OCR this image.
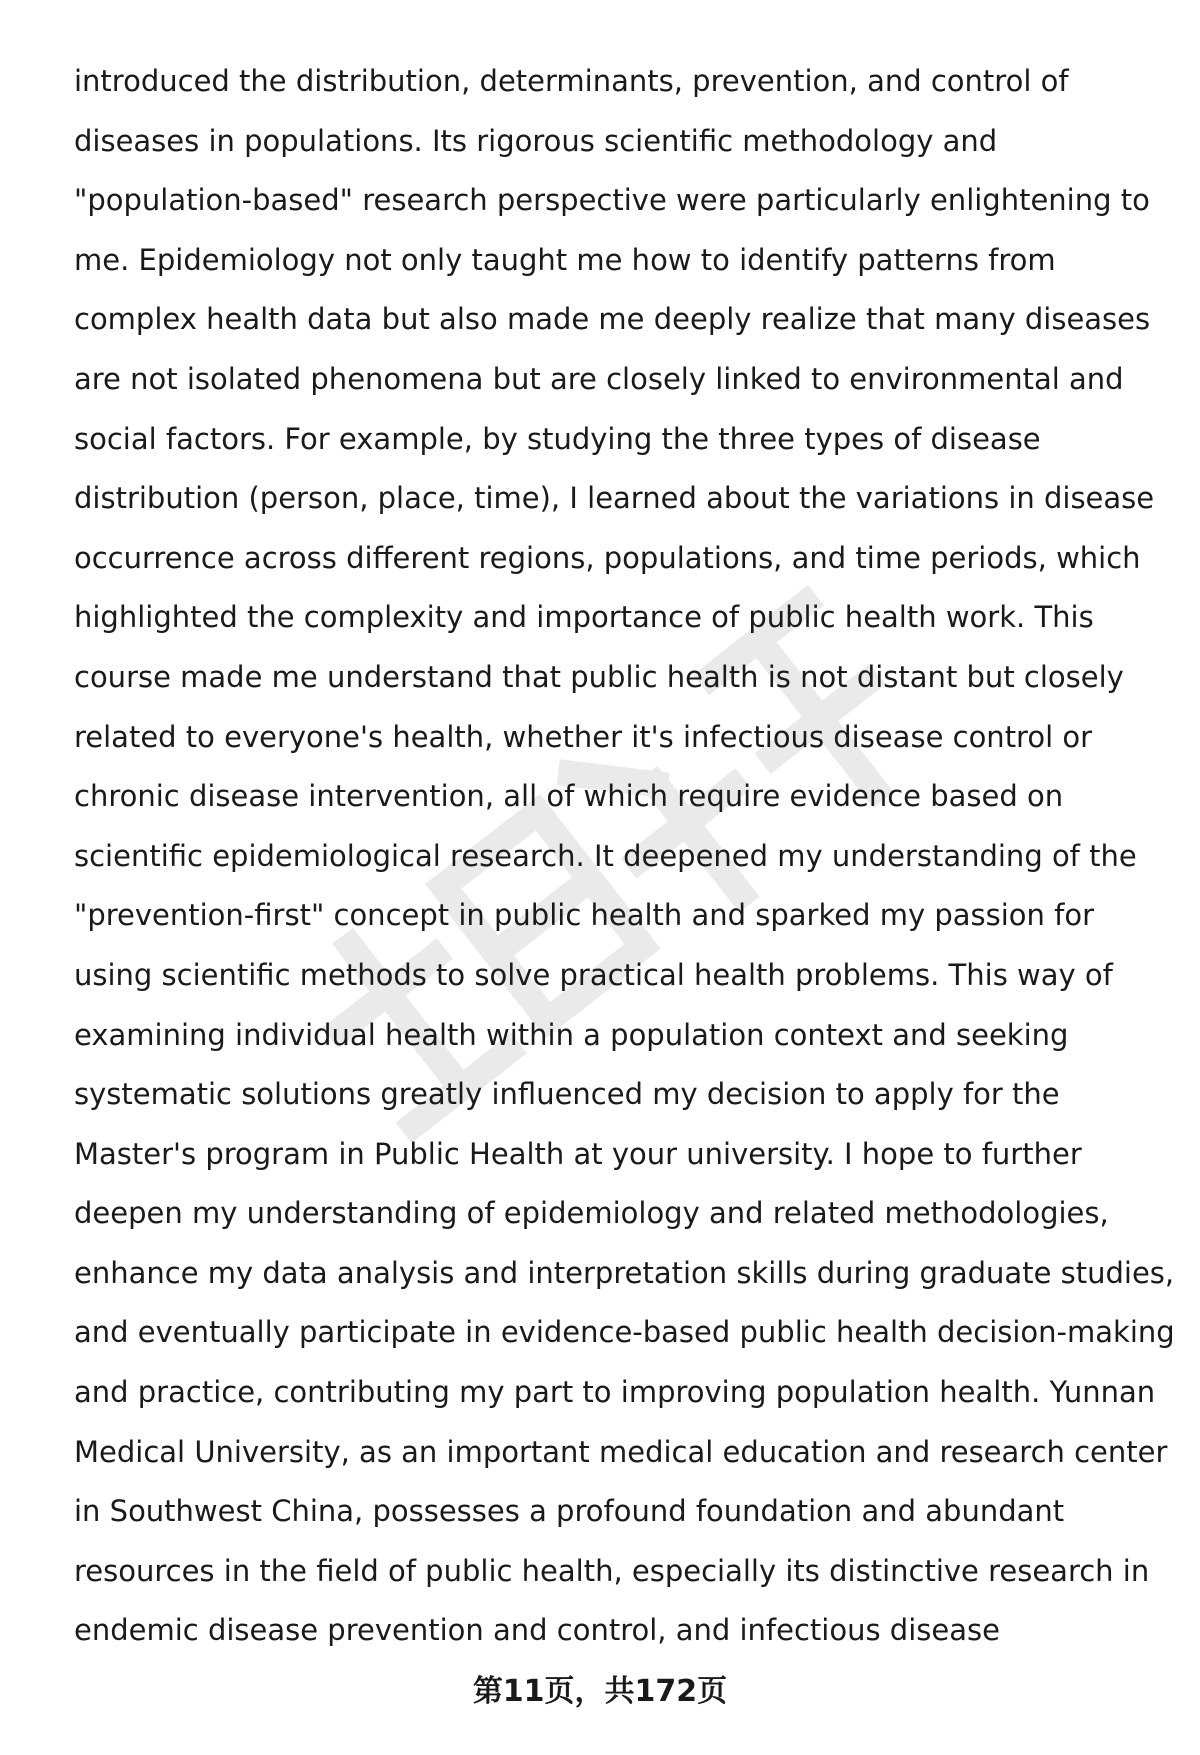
introduced the distribution, determinants, prevention, and control of
diseases in populations. Its rigorous scientific methodology and
"population-based" research perspective were particularly enlightening to
me. Epidemiology not only taught me how to identify patterns from
complex health data but also made me deeply realize that many diseases
are not isolated phenomena but are closely linked to environmental and
social factors. For example, by studying the three types of disease
distribution (person, place, time), I learned about the variations in disease
occurrence across different regions, populations, and time periods, which
highlighted the complexity and importance of public health work. This
course made me understand that public health is not distant but closely
related to everyone's health, whether it's infectious disease control or
chronic disease intervention, all of which require evidence based on
scientific epidemiological research. It deepened my understanding of the
"prevention-first" concept in public health and sparked my passion for
using scientific methods to solve practical health problems. This way of
examining individual health within a population context and seeking
systematic solutions greatly influenced my decision to apply for the
Master's program in Public Health at your university. I hope to further
deepen my understanding of epidemiology and related methodologies,
enhance my data analysis and interpretation skills during graduate studies,
and eventually participate in evidence-based public health decision-making
and practice, contributing my part to improving population health. Yunnan
Medical University, as an important medical education and research center
in Southwest China, possesses a profound foundation and abundant
resources in the field of public health, especially its distinctive research in
endemic disease prevention and control, and infectious disease
第11页，共172页
